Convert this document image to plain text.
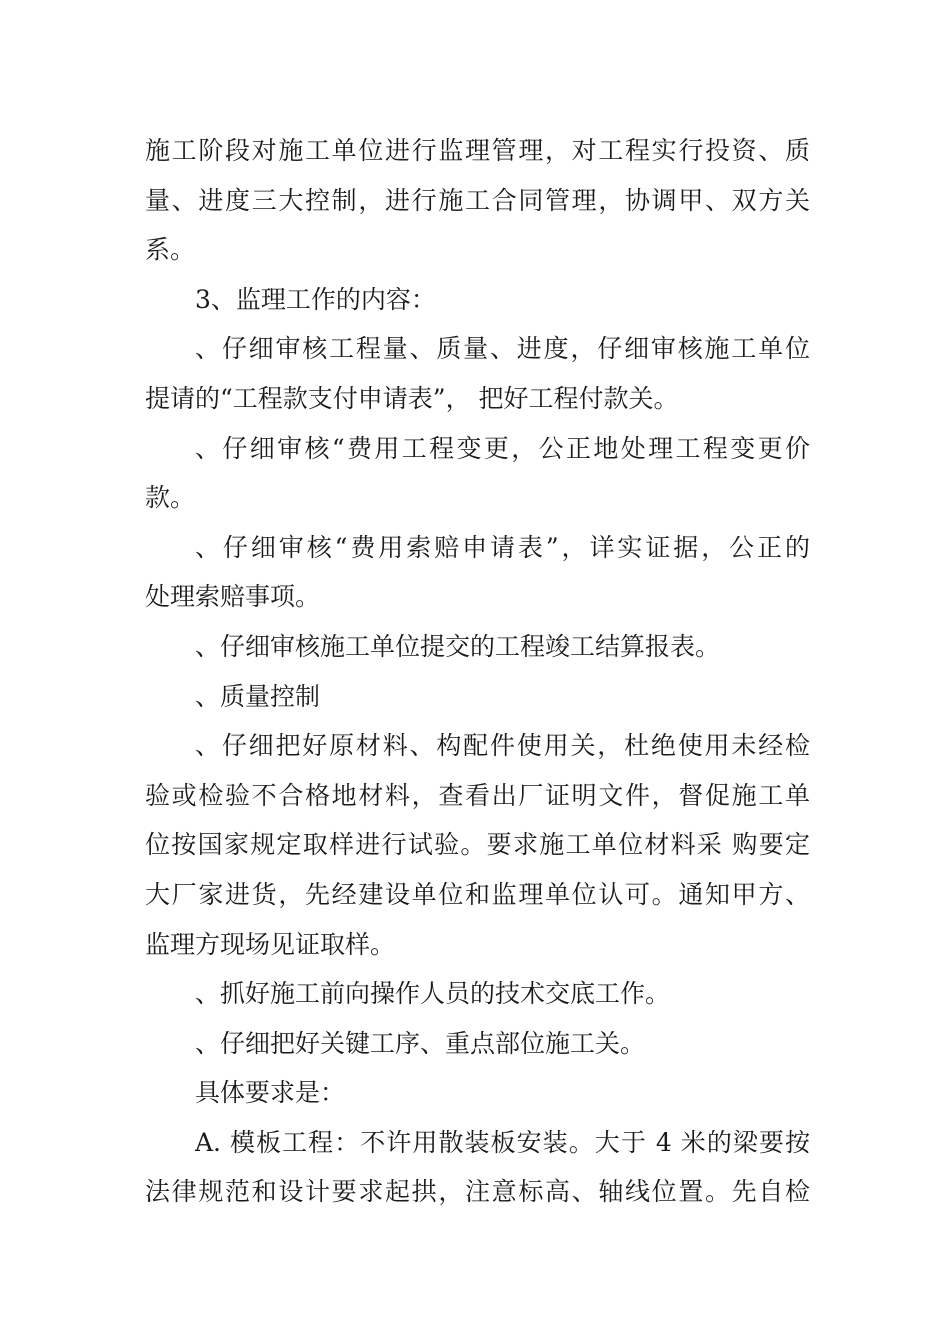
施工阶段对施工单位进行监理管理，对工程实行投资、质
量、进度三大控制，进行施工合同管理，协调甲、双方关
系。
3、监理工作的内容：
、仔细审核工程量、质量、进度，仔细审核施工单位
提请的“工程款支付申请表”， 把好工程付款关。
、仔细审核“费用工程变更，公正地处理工程变更价
款。
、仔细审核“费用索赔申请表”，详实证据，公正的
处理索赔事项。
、仔细审核施工单位提交的工程竣工结算报表。
、质量控制
、仔细把好原材料、构配件使用关，杜绝使用未经检
验或检验不合格地材料，查看出厂证明文件，督促施工单
位按国家规定取样进行试验。要求施工单位材料采 购要定
大厂家进货，先经建设单位和监理单位认可。通知甲方、
监理方现场见证取样。
、抓好施工前向操作人员的技术交底工作。
、仔细把好关键工序、重点部位施工关。
具体要求是：
A. 模板工程：不许用散装板安装。大于 4 米的梁要按
法律规范和设计要求起拱，注意标高、轴线位置。先自检
